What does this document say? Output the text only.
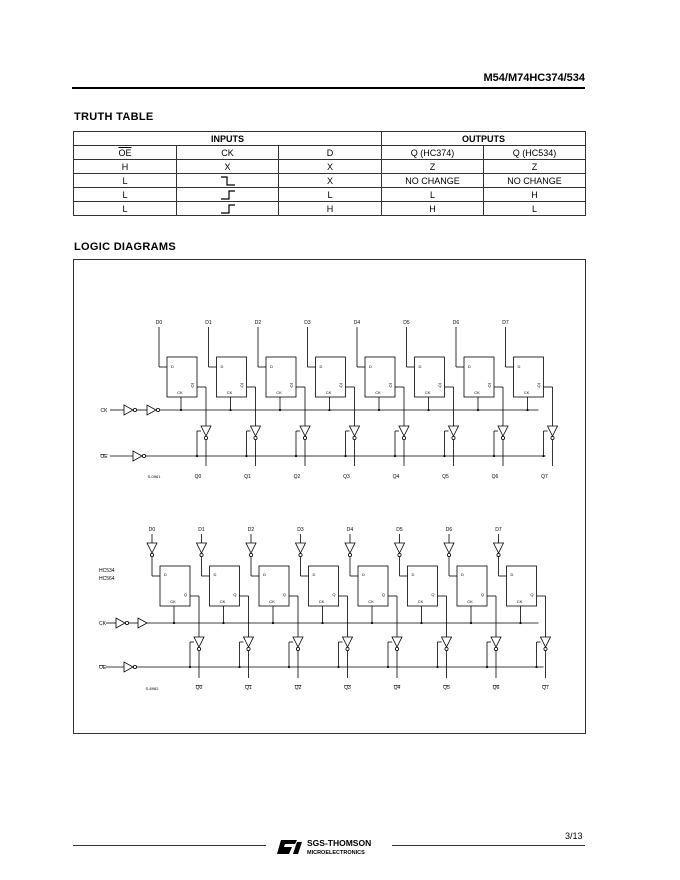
M54/M74HC374/534
TRUTH TABLE
INPUTS			OUTPUTS	
$\overline{OE}$	CK	D	Q (HC374)	Q (HC534)
H	X	X	Z	Z
L		X	NO CHANGE	NO CHANGE
L		L	L	H
L		H	H	L
LOGIC DIAGRAMS
CK
OE
D
Q
CK
D0
Q0
D
Q
CK
D1
Q1
D
Q
CK
D2
Q2
D
Q
CK
D3
Q3
D
Q
CK
D4
Q4
D
Q
CK
D5
Q5
D
Q
CK
D6
Q6
D
Q
CK
D7
Q7
S-0961
HC534
HC564
CK
OE
D0
D
Q
CK
Q0
D1
D
Q
CK
Q1
D2
D
Q
CK
Q2
D3
D
Q
CK
Q3
D4
D
Q
CK
Q4
D5
D
Q
CK
Q5
D6
D
Q
CK
Q6
D7
D
Q
CK
Q7
S-6962
3/13
SGS-THOMSON
MICROELECTRONICS
